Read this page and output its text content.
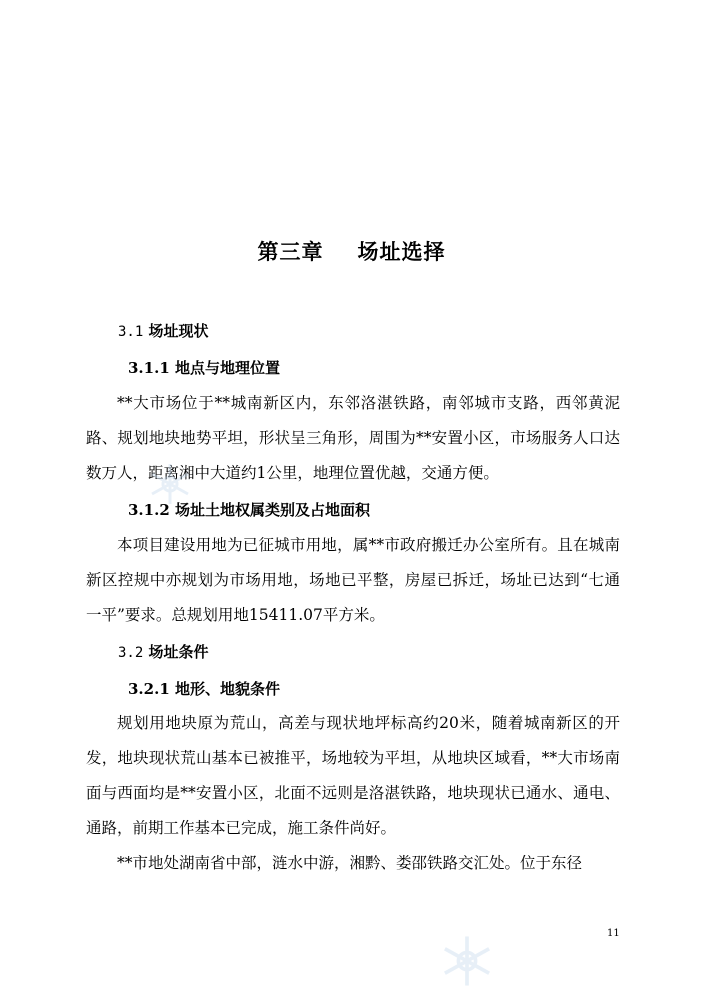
第三章 场址选择
3.1 场址现状
3.1.1 地点与地理位置

**大市场位于**城南新区内，东邻洛湛铁路，南邻城市支路，西邻黄泥路、规划地块地势平坦，形状呈三角形，周围为**安置小区，市场服务人口达数万人，距离湘中大道约1公里，地理位置优越，交通方便。

3.1.2 场址土地权属类别及占地面积

本项目建设用地为已征城市用地，属**市政府搬迁办公室所有。且在城南新区控规中亦规划为市场用地，场地已平整，房屋已拆迁，场址已达到“七通一平”要求。总规划用地15411.07平方米。

3.2 场址条件
3.2.1 地形、地貌条件

规划用地块原为荒山，高差与现状地坪标高约20米，随着城南新区的开发，地块现状荒山基本已被推平，场地较为平坦，从地块区域看，**大市场南面与西面均是**安置小区，北面不远则是洛湛铁路，地块现状已通水、通电、通路，前期工作基本已完成，施工条件尚好。

**市地处湖南省中部，涟水中游，湘黔、娄邵铁路交汇处。位于东径

11
